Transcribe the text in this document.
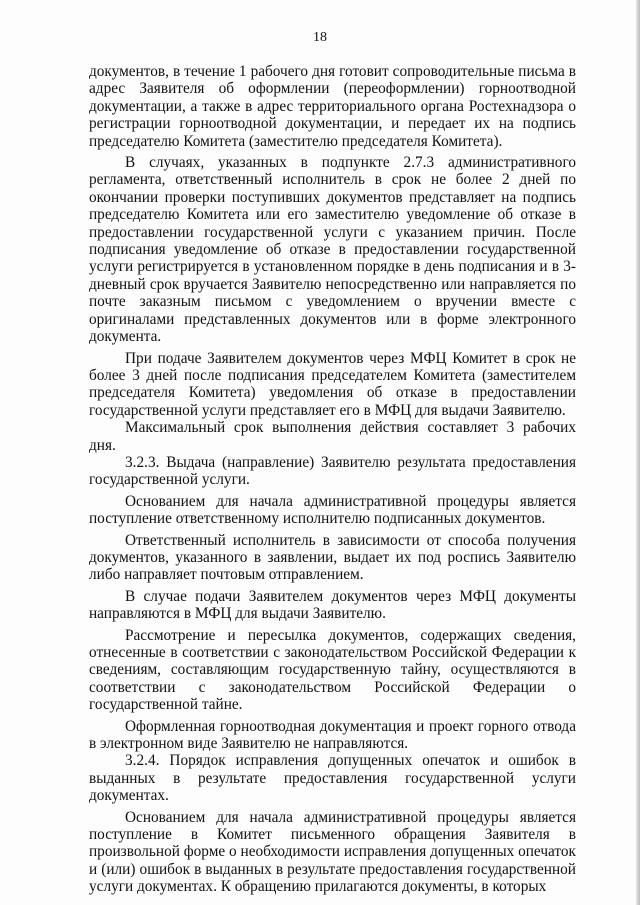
18

документов, в течение 1 рабочего дня готовит сопроводительные письма в адрес Заявителя об оформлении (переоформлении) горноотводной документации, а также в адрес территориального органа Ростехнадзора о регистрации горноотводной документации, и передает их на подпись председателю Комитета (заместителю председателя Комитета).

В случаях, указанных в подпункте 2.7.3 административного регламента, ответственный исполнитель в срок не более 2 дней по окончании проверки поступивших документов представляет на подпись председателю Комитета или его заместителю уведомление об отказе в предоставлении государственной услуги с указанием причин. После подписания уведомление об отказе в предоставлении государственной услуги регистрируется в установленном порядке в день подписания и в 3-дневный срок вручается Заявителю непосредственно или направляется по почте заказным письмом с уведомлением о вручении вместе с оригиналами представленных документов или в форме электронного документа.

При подаче Заявителем документов через МФЦ Комитет в срок не более 3 дней после подписания председателем Комитета (заместителем председателя Комитета) уведомления об отказе в предоставлении государственной услуги представляет его в МФЦ для выдачи Заявителю.

Максимальный срок выполнения действия составляет 3 рабочих дня.

3.2.3. Выдача (направление) Заявителю результата предоставления государственной услуги.

Основанием для начала административной процедуры является поступление ответственному исполнителю подписанных документов.

Ответственный исполнитель в зависимости от способа получения документов, указанного в заявлении, выдает их под роспись Заявителю либо направляет почтовым отправлением.

В случае подачи Заявителем документов через МФЦ документы направляются в МФЦ для выдачи Заявителю.

Рассмотрение и пересылка документов, содержащих сведения, отнесенные в соответствии с законодательством Российской Федерации к сведениям, составляющим государственную тайну, осуществляются в соответствии с законодательством Российской Федерации о государственной тайне.

Оформленная горноотводная документация и проект горного отвода в электронном виде Заявителю не направляются.

3.2.4. Порядок исправления допущенных опечаток и ошибок в выданных в результате предоставления государственной услуги документах.

Основанием для начала административной процедуры является поступление в Комитет письменного обращения Заявителя в произвольной форме о необходимости исправления допущенных опечаток и (или) ошибок в выданных в результате предоставления государственной услуги документах. К обращению прилагаются документы, в которых
